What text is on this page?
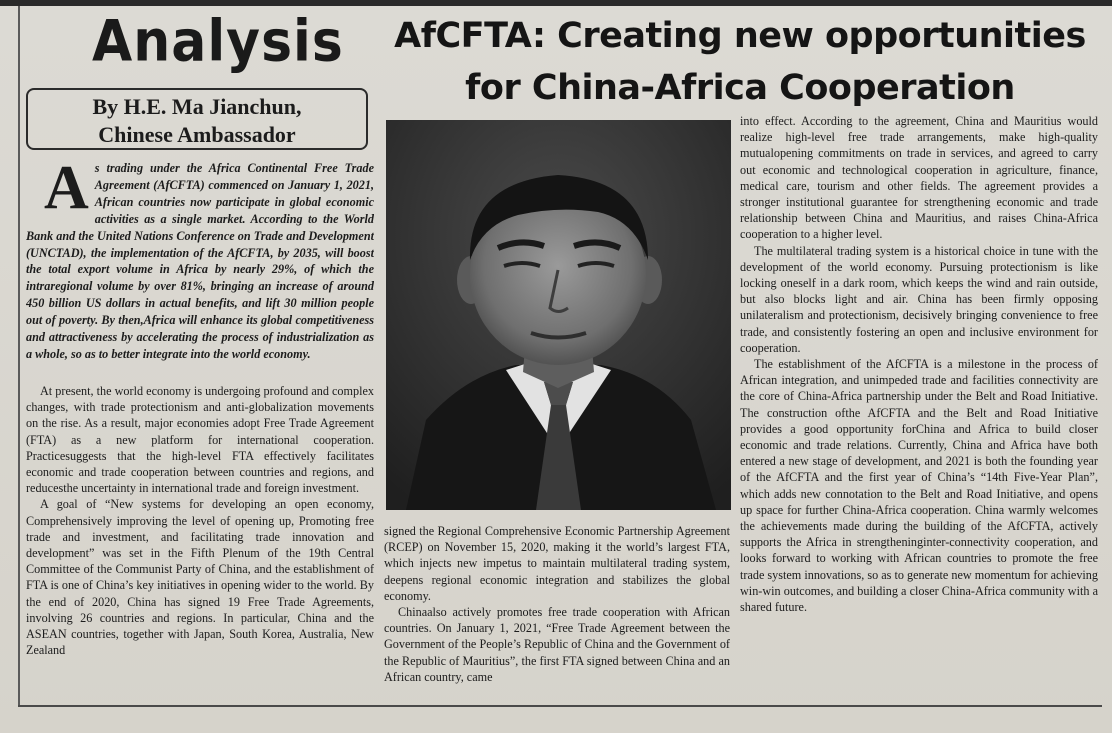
Analysis	AfCFTA: Creating new opportunities
for China-Africa Cooperation
By H.E. Ma Jianchun,
Chinese Ambassador
A s trading under the Africa Continental Free Trade Agreement (AfCFTA) commenced on January 1, 2021, African countries now participate in global economic activities as a single market. According to the World Bank and the United Nations Conference on Trade and Development (UNCTAD), the implementation of the AfCFTA, by 2035, will boost the total export volume in Africa by nearly 29%, of which the intraregional volume by over 81%, bringing an increase of around 450 billion US dollars in actual benefits, and lift 30 million people out of poverty. By then,Africa will enhance its global competitiveness and attractiveness by accelerating the process of industrialization as a whole, so as to better integrate into the world economy.

At present, the world economy is undergoing profound and complex changes, with trade protectionism and anti-globalization movements on the rise. As a result, major economies adopt Free Trade Agreement (FTA) as a new platform for international cooperation. Practicesuggests that the high-level FTA effectively facilitates economic and trade cooperation between countries and regions, and reducesthe uncertainty in international trade and foreign investment.

A goal of “New systems for developing an open economy, Comprehensively improving the level of opening up, Promoting free trade and investment, and facilitating trade innovation and development” was set in the Fifth Plenum of the 19th Central Committee of the Communist Party of China, and the establishment of FTA is one of China’s key initiatives in opening wider to the world. By the end of 2020, China has signed 19 Free Trade Agreements, involving 26 countries and regions. In particular, China and the ASEAN countries, together with Japan, South Korea, Australia, New Zealand

signed the Regional Comprehensive Economic Partnership Agreement (RCEP) on November 15, 2020, making it the world’s largest FTA, which injects new impetus to maintain multilateral trading system, deepens regional economic integration and stabilizes the global economy.

Chinaalso actively promotes free trade cooperation with African countries. On January 1, 2021, “Free Trade Agreement between the Government of the People’s Republic of China and the Government of the Republic of Mauritius”, the first FTA signed between China and an African country, came

into effect. According to the agreement, China and Mauritius would realize high-level free trade arrangements, make high-quality mutualopening commitments on trade in services, and agreed to carry out economic and technological cooperation in agriculture, finance, medical care, tourism and other fields. The agreement provides a stronger institutional guarantee for strengthening economic and trade relationship between China and Mauritius, and raises China-Africa cooperation to a higher level.

The multilateral trading system is a historical choice in tune with the development of the world economy. Pursuing protectionism is like locking oneself in a dark room, which keeps the wind and rain outside, but also blocks light and air. China has been firmly opposing unilateralism and protectionism, decisively bringing convenience to free trade, and consistently fostering an open and inclusive environment for cooperation.

The establishment of the AfCFTA is a milestone in the process of African integration, and unimpeded trade and facilities connectivity are the core of China-Africa partnership under the Belt and Road Initiative. The construction ofthe AfCFTA and the Belt and Road Initiative provides a good opportunity forChina and Africa to build closer economic and trade relations. Currently, China and Africa have both entered a new stage of development, and 2021 is both the founding year of the AfCFTA and the first year of China’s “14th Five-Year Plan”, which adds new connotation to the Belt and Road Initiative, and opens up space for further China-Africa cooperation. China warmly welcomes the achievements made during the building of the AfCFTA, actively supports the Africa in strengtheninginter-connectivity cooperation, and looks forward to working with African countries to promote the free trade system innovations, so as to generate new momentum for achieving win-win outcomes, and building a closer China-Africa community with a shared future.
